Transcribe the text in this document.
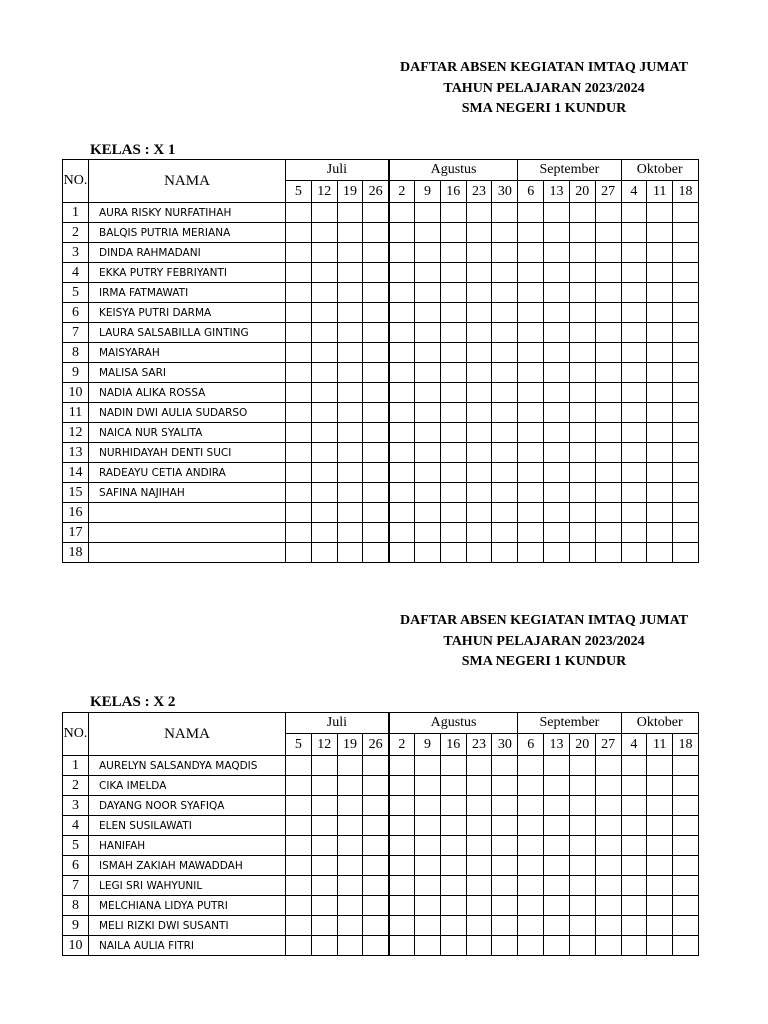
DAFTAR ABSEN KEGIATAN IMTAQ JUMAT
TAHUN PELAJARAN 2023/2024
SMA NEGERI 1 KUNDUR
KELAS : X 1
NO.	NAMA	Juli				Agustus					September				Oktober		
		5	12	19	26	2	9	16	23	30	6	13	20	27	4	11	18
1	AURA RISKY NURFATIHAH																
2	BALQIS PUTRIA MERIANA																
3	DINDA RAHMADANI																
4	EKKA PUTRY FEBRIYANTI																
5	IRMA FATMAWATI																
6	KEISYA PUTRI DARMA																
7	LAURA SALSABILLA GINTING																
8	MAISYARAH																
9	MALISA SARI																
10	NADIA ALIKA ROSSA																
11	NADIN DWI AULIA SUDARSO																
12	NAICA NUR SYALITA																
13	NURHIDAYAH DENTI SUCI																
14	RADEAYU CETIA ANDIRA																
15	SAFINA NAJIHAH																
16																	
17																	
18																	
DAFTAR ABSEN KEGIATAN IMTAQ JUMAT
TAHUN PELAJARAN 2023/2024
SMA NEGERI 1 KUNDUR
KELAS : X 2
NO.	NAMA	Juli				Agustus					September				Oktober		
		5	12	19	26	2	9	16	23	30	6	13	20	27	4	11	18
1	AURELYN SALSANDYA MAQDIS																
2	CIKA IMELDA																
3	DAYANG NOOR SYAFIQA																
4	ELEN SUSILAWATI																
5	HANIFAH																
6	ISMAH ZAKIAH MAWADDAH																
7	LEGI SRI WAHYUNIL																
8	MELCHIANA LIDYA PUTRI																
9	MELI RIZKI DWI SUSANTI																
10	NAILA AULIA FITRI																
